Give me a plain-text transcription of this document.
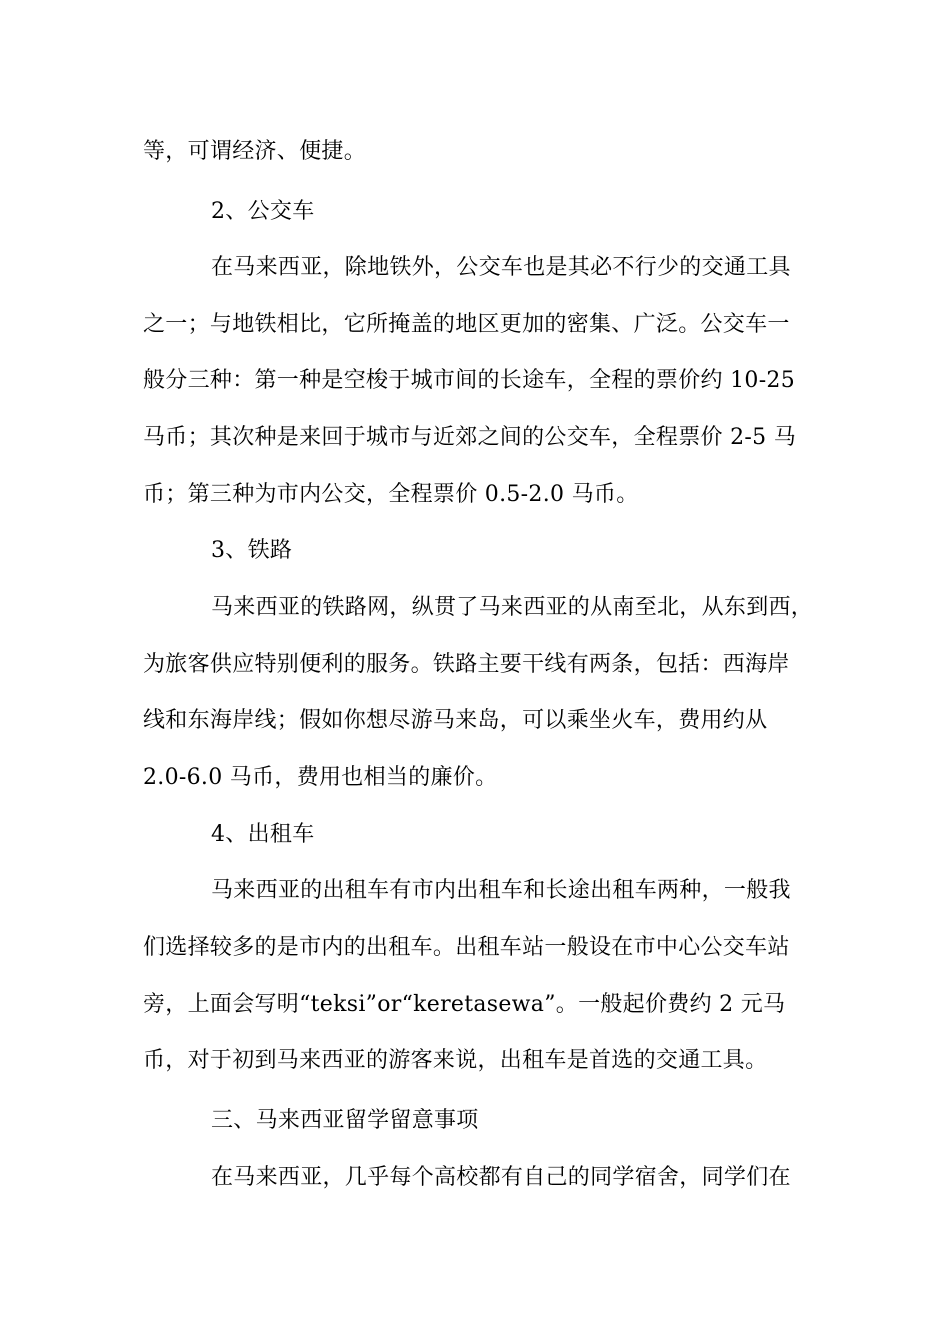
等，可谓经济、便捷。
2、公交车
在马来西亚，除地铁外，公交车也是其必不行少的交通工具
之一；与地铁相比，它所掩盖的地区更加的密集、广泛。公交车一
般分三种：第一种是空梭于城市间的长途车，全程的票价约 10-25
马币；其次种是来回于城市与近郊之间的公交车，全程票价 2-5 马
币；第三种为市内公交，全程票价 0.5-2.0 马币。
3、铁路
马来西亚的铁路网，纵贯了马来西亚的从南至北，从东到西，
为旅客供应特别便利的服务。铁路主要干线有两条，包括：西海岸
线和东海岸线；假如你想尽游马来岛，可以乘坐火车，费用约从
2.0-6.0 马币，费用也相当的廉价。
4、出租车
马来西亚的出租车有市内出租车和长途出租车两种，一般我
们选择较多的是市内的出租车。出租车站一般设在市中心公交车站
旁，上面会写明“teksi”or“keretasewa”。一般起价费约 2 元马
币，对于初到马来西亚的游客来说，出租车是首选的交通工具。
三、马来西亚留学留意事项
在马来西亚，几乎每个高校都有自己的同学宿舍，同学们在
